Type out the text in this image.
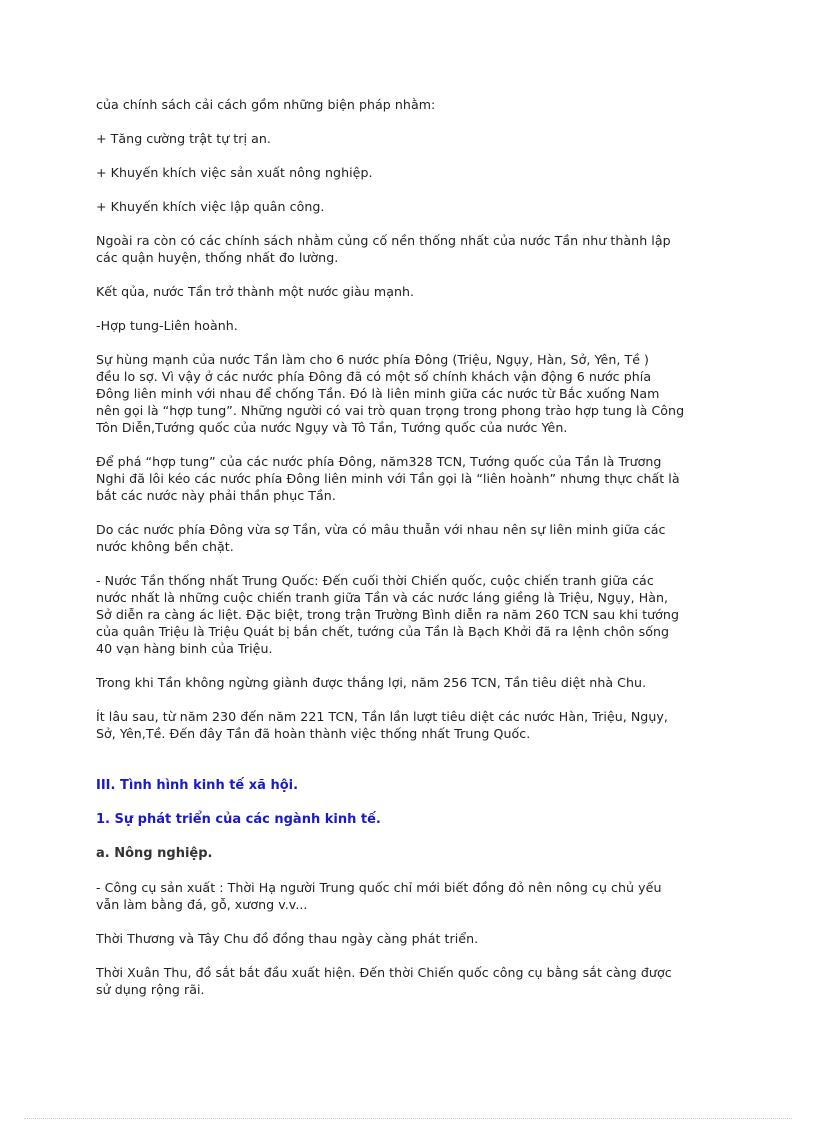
của chính sách cải cách gồm những biện pháp nhằm:
+ Tăng cường trật tự trị an.
+ Khuyến khích việc sản xuất nông nghiệp.
+ Khuyến khích việc lập quân công.
Ngoài ra còn có các chính sách nhằm củng cố nền thống nhất của nước Tần như thành lập
các quận huyện, thống nhất đo lường.
Kết qủa, nước Tần trở thành một nước giàu mạnh.
-Hợp tung-Liên hoành.
Sự hùng mạnh của nước Tần làm cho 6 nước phía Đông (Triệu, Ngụy, Hàn, Sở, Yên, Tề )
đều lo sợ. Vì vậy ở các nước phía Đông đã có một số chính khách vận động 6 nước phía
Đông liên minh với nhau để chống Tần. Đó là liên minh giữa các nước từ Bắc xuống Nam
nên gọi là “hợp tung”. Những người có vai trò quan trọng trong phong trào hợp tung là Công
Tôn Diễn,Tướng quốc của nước Ngụy và Tô Tần, Tướng quốc của nước Yên.
Để phá “hợp tung” của các nước phía Đông, năm328 TCN, Tướng quốc của Tần là Trương
Nghi đã lôi kéo các nước phía Đông liên minh với Tần gọi là “liên hoành” nhưng thực chất là
bắt các nước này phải thần phục Tần.
Do các nước phía Đông vừa sợ Tần, vừa có mâu thuẫn với nhau nên sự liên minh giữa các
nước không bền chặt.
- Nước Tần thống nhất Trung Quốc: Đến cuối thời Chiến quốc, cuộc chiến tranh giữa các
nước nhất là những cuộc chiến tranh giữa Tần và các nước láng giềng là Triệu, Ngụy, Hàn,
Sở diễn ra càng ác liệt. Đặc biệt, trong trận Trường Bình diễn ra năm 260 TCN sau khi tướng
của quân Triệu là Triệu Quát bị bắn chết, tướng của Tần là Bạch Khởi đã ra lệnh chôn sống
40 vạn hàng binh của Triệu.
Trong khi Tần không ngừng giành được thắng lợi, năm 256 TCN, Tần tiêu diệt nhà Chu.
Ít lâu sau, từ năm 230 đến năm 221 TCN, Tần lần lượt tiêu diệt các nước Hàn, Triệu, Ngụy,
Sở, Yên,Tề. Đến đây Tần đã hoàn thành việc thống nhất Trung Quốc.
III. Tình hình kinh tế xã hội.
1. Sự phát triển của các ngành kinh tế.
a. Nông nghiệp.
- Công cụ sản xuất : Thời Hạ người Trung quốc chỉ mới biết đồng đỏ nên nông cụ chủ yếu
vẫn làm bằng đá, gỗ, xương v.v...
Thời Thương và Tây Chu đồ đồng thau ngày càng phát triển.
Thời Xuân Thu, đồ sắt bắt đầu xuất hiện. Đến thời Chiến quốc công cụ bằng sắt càng được
sử dụng rộng rãi.
